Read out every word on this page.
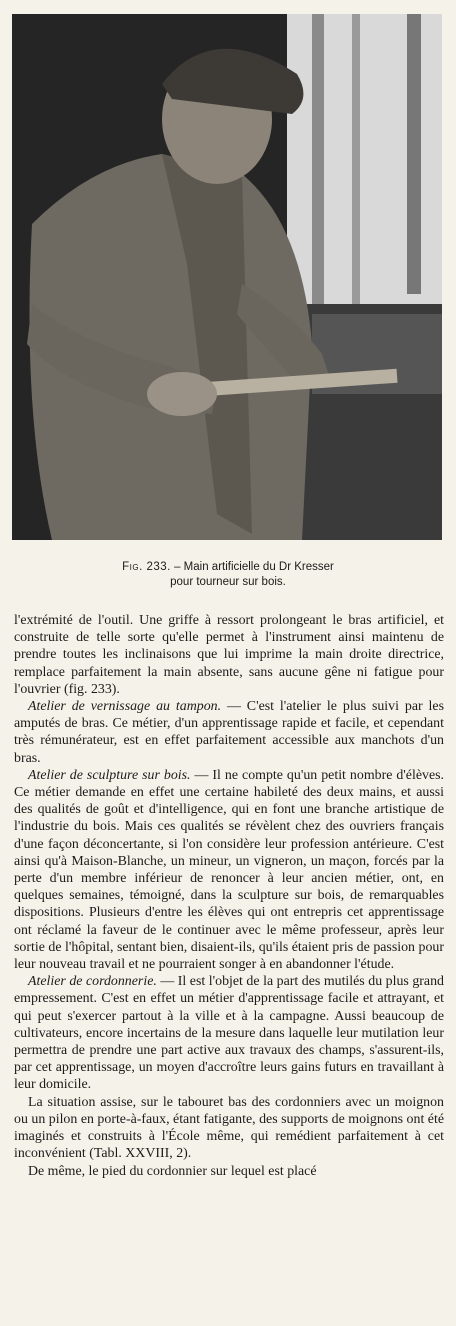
Fig. 233. – Main artificielle du Dr Kresser
pour tourneur sur bois.

l'extrémité de l'outil. Une griffe à ressort prolongeant le bras artificiel, et construite de telle sorte qu'elle permet à l'instrument ainsi maintenu de prendre toutes les inclinaisons que lui imprime la main droite directrice, remplace parfaitement la main absente, sans aucune gêne ni fatigue pour l'ouvrier (fig. 233).

Atelier de vernissage au tampon. — C'est l'atelier le plus suivi par les amputés de bras. Ce métier, d'un apprentissage rapide et facile, et cependant très rémunérateur, est en effet parfaitement accessible aux manchots d'un bras.

Atelier de sculpture sur bois. — Il ne compte qu'un petit nombre d'élèves. Ce métier demande en effet une certaine habileté des deux mains, et aussi des qualités de goût et d'intelligence, qui en font une branche artistique de l'industrie du bois. Mais ces qualités se révèlent chez des ouvriers français d'une façon déconcertante, si l'on considère leur profession antérieure. C'est ainsi qu'à Maison-Blanche, un mineur, un vigneron, un maçon, forcés par la perte d'un membre inférieur de renoncer à leur ancien métier, ont, en quelques semaines, témoigné, dans la sculpture sur bois, de remarquables dispositions. Plusieurs d'entre les élèves qui ont entrepris cet apprentissage ont réclamé la faveur de le continuer avec le même professeur, après leur sortie de l'hôpital, sentant bien, disaient-ils, qu'ils étaient pris de passion pour leur nouveau travail et ne pourraient songer à en abandonner l'étude.

Atelier de cordonnerie. — Il est l'objet de la part des mutilés du plus grand empressement. C'est en effet un métier d'apprentissage facile et attrayant, et qui peut s'exercer partout à la ville et à la campagne. Aussi beaucoup de cultivateurs, encore incertains de la mesure dans laquelle leur mutilation leur permettra de prendre une part active aux travaux des champs, s'assurent-ils, par cet apprentissage, un moyen d'accroître leurs gains futurs en travaillant à leur domicile.

La situation assise, sur le tabouret bas des cordonniers avec un moignon ou un pilon en porte-à-faux, étant fatigante, des supports de moignons ont été imaginés et construits à l'École même, qui remédient parfaitement à cet inconvénient (Tabl. XXVIII, 2).

De même, le pied du cordonnier sur lequel est placé
